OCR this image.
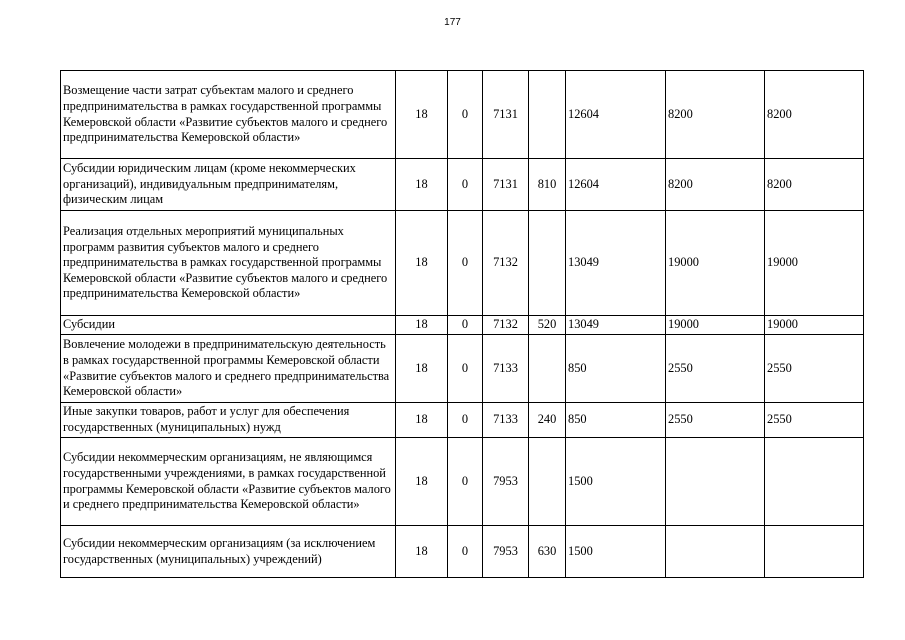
177
Возмещение части затрат субъектам малого и среднего предпринимательства в рамках государственной программы Кемеровской области «Развитие субъектов малого и среднего предпринимательства Кемеровской области»	18	0	7131		12604	8200	8200
Субсидии юридическим лицам (кроме некоммерческих организаций), индивидуальным предпринимателям, физическим лицам	18	0	7131	810	12604	8200	8200
Реализация отдельных мероприятий муниципальных программ развития субъектов малого и среднего предпринимательства в рамках государственной программы Кемеровской области «Развитие субъектов малого и среднего предпринимательства Кемеровской области»	18	0	7132		13049	19000	19000
Субсидии	18	0	7132	520	13049	19000	19000
Вовлечение молодежи в предпринимательскую деятельность в рамках государственной программы Кемеровской области «Развитие субъектов малого и среднего предпринимательства Кемеровской области»	18	0	7133		850	2550	2550
Иные закупки товаров, работ и услуг для обеспечения государственных (муниципальных) нужд	18	0	7133	240	850	2550	2550
Субсидии некоммерческим организациям, не являющимся государственными учреждениями, в рамках государственной программы Кемеровской области «Развитие субъектов малого и среднего предпринимательства Кемеровской области»	18	0	7953		1500		
Субсидии некоммерческим организациям (за исключением государственных (муниципальных) учреждений)	18	0	7953	630	1500		
